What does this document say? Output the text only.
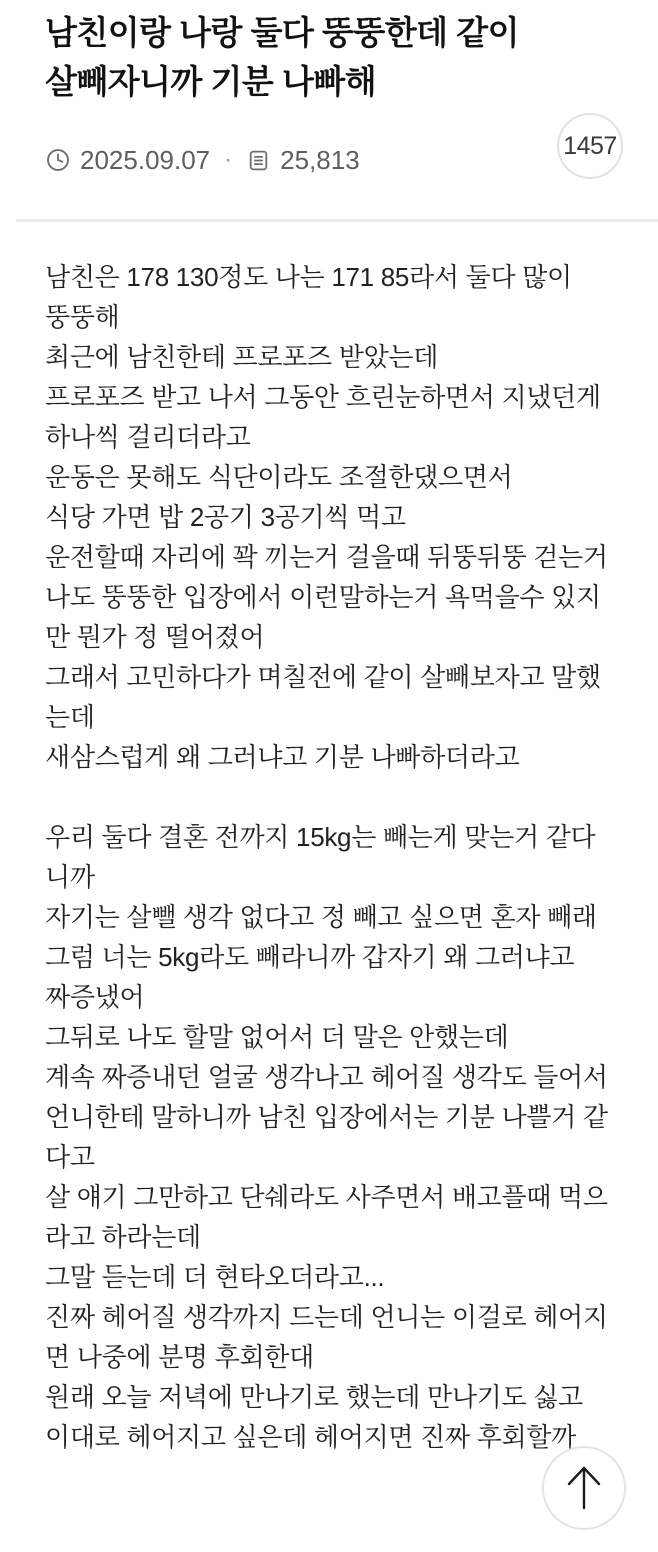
남친이랑 나랑 둘다 뚱뚱한데 같이 살빼자니까 기분 나빠해
1457
2025.09.07 · 25,813
남친은 178 130정도 나는 171 85라서 둘다 많이
뚱뚱해
최근에 남친한테 프로포즈 받았는데
프로포즈 받고 나서 그동안 흐린눈하면서 지냈던게
하나씩 걸리더라고
운동은 못해도 식단이라도 조절한댔으면서
식당 가면 밥 2공기 3공기씩 먹고
운전할때 자리에 꽉 끼는거 걸을때 뒤뚱뒤뚱 걷는거
나도 뚱뚱한 입장에서 이런말하는거 욕먹을수 있지
만 뭔가 정 떨어졌어
그래서 고민하다가 며칠전에 같이 살빼보자고 말했
는데
새삼스럽게 왜 그러냐고 기분 나빠하더라고
우리 둘다 결혼 전까지 15kg는 빼는게 맞는거 같다
니까
자기는 살뺄 생각 없다고 정 빼고 싶으면 혼자 빼래
그럼 너는 5kg라도 빼라니까 갑자기 왜 그러냐고
짜증냈어
그뒤로 나도 할말 없어서 더 말은 안했는데
계속 짜증내던 얼굴 생각나고 헤어질 생각도 들어서
언니한테 말하니까 남친 입장에서는 기분 나쁠거 같
다고
살 얘기 그만하고 단쉐라도 사주면서 배고플때 먹으
라고 하라는데
그말 듣는데 더 현타오더라고...
진짜 헤어질 생각까지 드는데 언니는 이걸로 헤어지
면 나중에 분명 후회한대
원래 오늘 저녁에 만나기로 했는데 만나기도 싫고
이대로 헤어지고 싶은데 헤어지면 진짜 후회할까
